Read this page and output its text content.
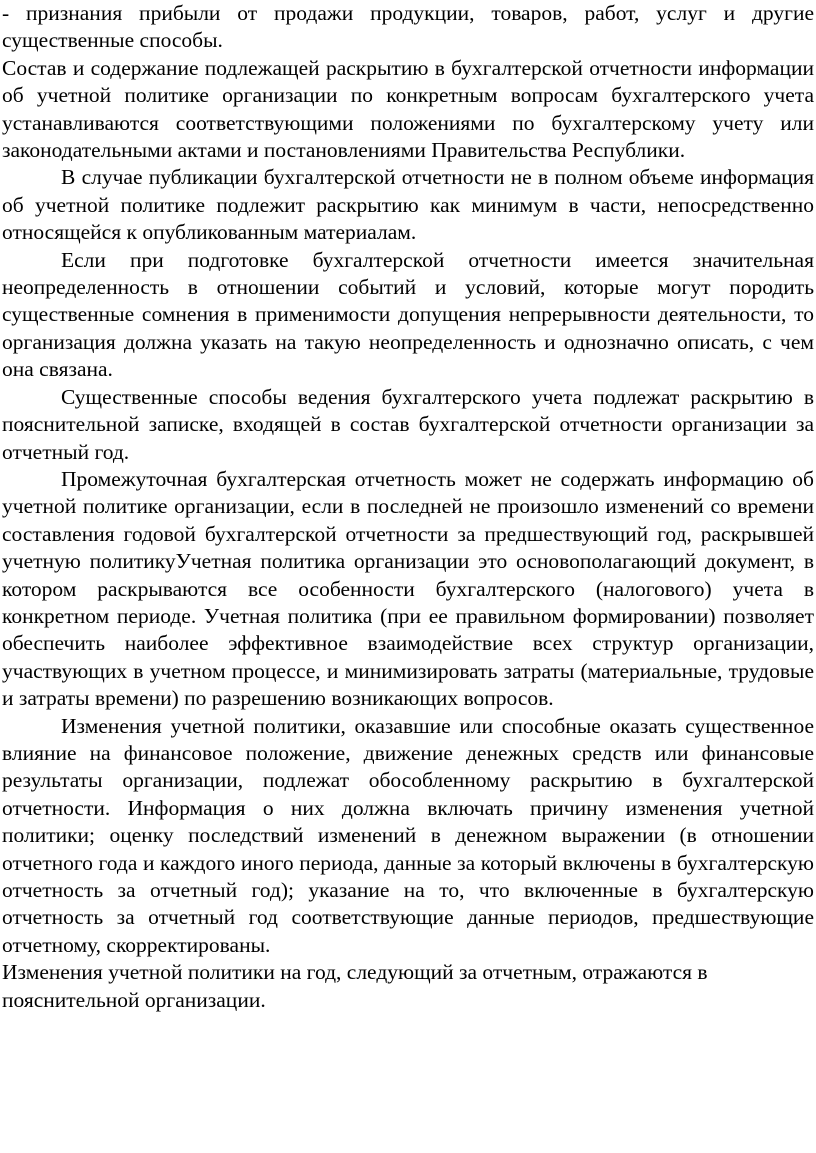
- признания прибыли от продажи продукции, товаров, работ, услуг и другие существенные способы.

Состав и содержание подлежащей раскрытию в бухгалтерской отчетности информации об учетной политике организации по конкретным вопросам бухгалтерского учета устанавливаются соответствующими положениями по бухгалтерскому учету или законодательными актами и постановлениями Правительства Республики.

В случае публикации бухгалтерской отчетности не в полном объеме информация об учетной политике подлежит раскрытию как минимум в части, непосредственно относящейся к опубликованным материалам.

Если при подготовке бухгалтерской отчетности имеется значительная неопределенность в отношении событий и условий, которые могут породить существенные сомнения в применимости допущения непрерывности деятельности, то организация должна указать на такую неопределенность и однозначно описать, с чем она связана.

Существенные способы ведения бухгалтерского учета подлежат раскрытию в пояснительной записке, входящей в состав бухгалтерской отчетности организации за отчетный год.

Промежуточная бухгалтерская отчетность может не содержать информацию об учетной политике организации, если в последней не произошло изменений со времени составления годовой бухгалтерской отчетности за предшествующий год, раскрывшей учетную политикуУчетная политика организации это основополагающий документ, в котором раскрываются все особенности бухгалтерского (налогового) учета в конкретном периоде. Учетная политика (при ее правильном формировании) позволяет обеспечить наиболее эффективное взаимодействие всех структур организации, участвующих в учетном процессе, и минимизировать затраты (материальные, трудовые и затраты времени) по разрешению возникающих вопросов.

Изменения учетной политики, оказавшие или способные оказать существенное влияние на финансовое положение, движение денежных средств или финансовые результаты организации, подлежат обособленному раскрытию в бухгалтерской отчетности. Информация о них должна включать причину изменения учетной политики; оценку последствий изменений в денежном выражении (в отношении отчетного года и каждого иного периода, данные за который включены в бухгалтерскую отчетность за отчетный год); указание на то, что включенные в бухгалтерскую отчетность за отчетный год соответствующие данные периодов, предшествующие отчетному, скорректированы.

Изменения учетной политики на год, следующий за отчетным, отражаются в пояснительной организации.
